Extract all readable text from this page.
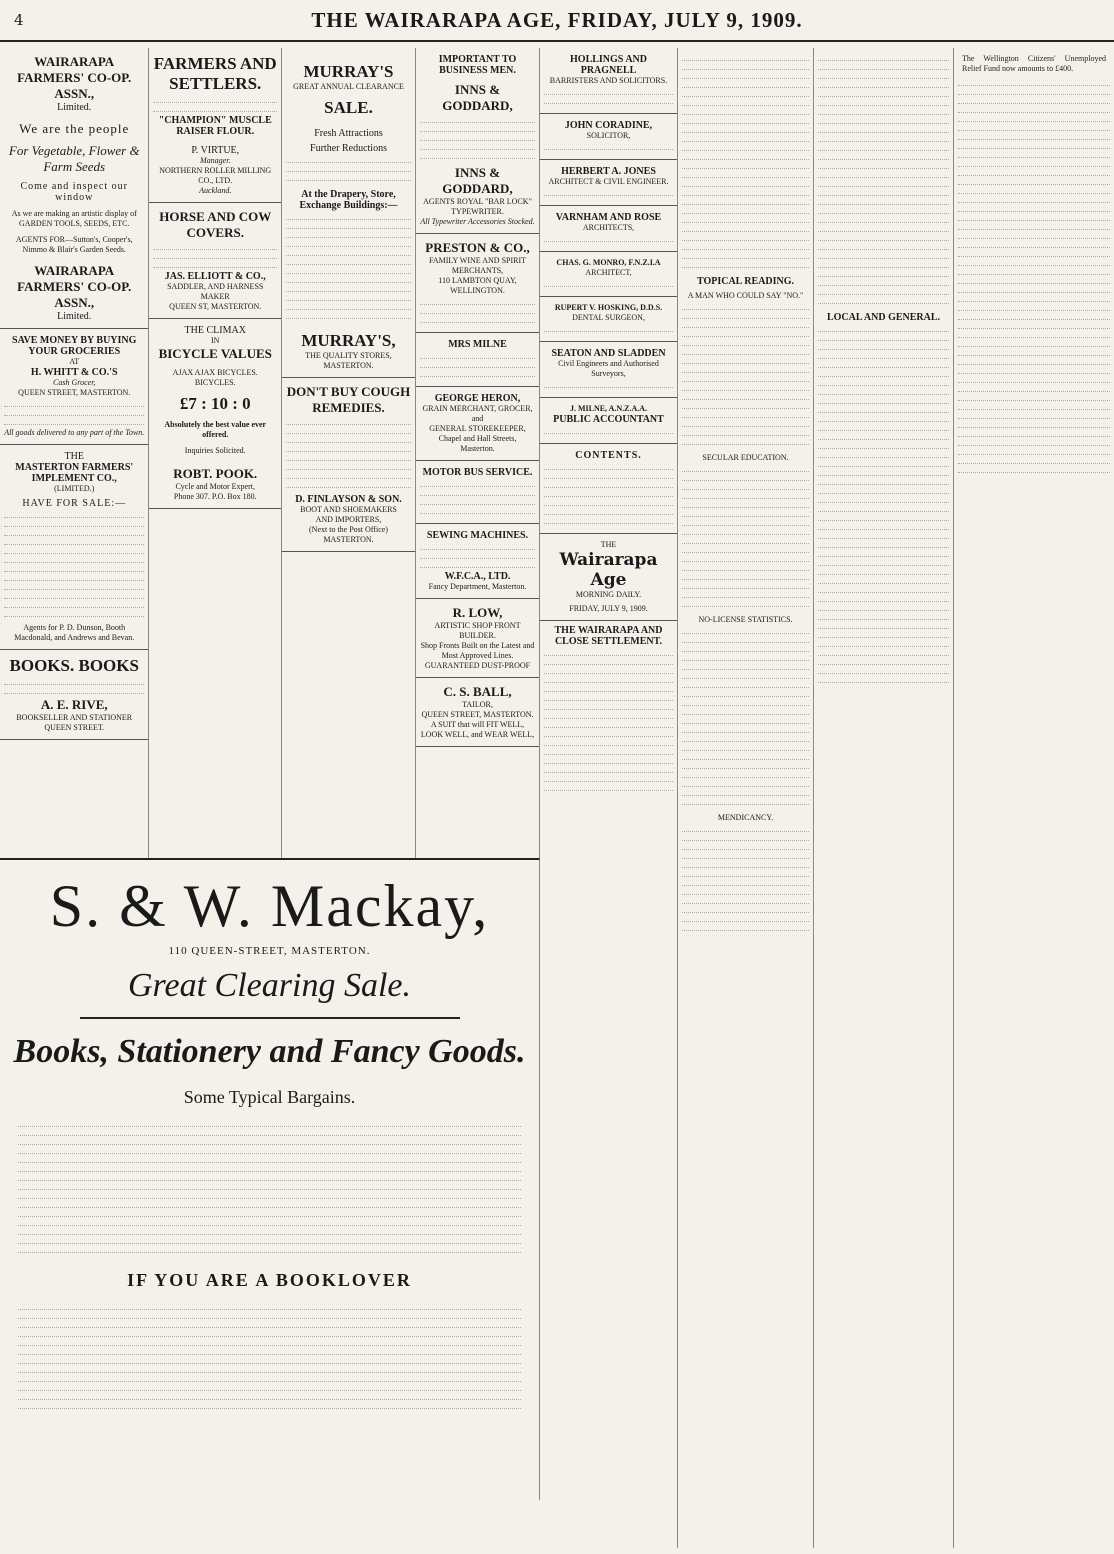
4	THE WAIRARAPA AGE, FRIDAY, JULY 9, 1909.
WAIRARAPA FARMERS' CO-OP. ASSN.,
Limited.
We are the people
For Vegetable, Flower & Farm Seeds
Come and inspect our window
As we are making an artistic display of GARDEN TOOLS, SEEDS, ETC.
AGENTS FOR—Sutton's, Cooper's, Nimmo & Blair's Garden Seeds.
WAIRARAPA FARMERS' CO-OP. ASSN.,
Limited.
SAVE MONEY BY BUYING YOUR GROCERIES
AT
H. WHITT & CO.'S
Cash Grocer,
QUEEN STREET, MASTERTON.
All goods delivered to any part of the Town.
THE
MASTERTON FARMERS' IMPLEMENT CO.,
(LIMITED.)
HAVE FOR SALE:—
Agents for P. D. Dunson, Booth Macdonald, and Andrews and Bevan.
BOOKS. BOOKS
A. E. RIVE,
BOOKSELLER AND STATIONER
QUEEN STREET.
FARMERS AND SETTLERS.
"CHAMPION" MUSCLE RAISER FLOUR.
P. VIRTUE,
Manager.
NORTHERN ROLLER MILLING CO., LTD.
Auckland.
HORSE AND COW COVERS.
JAS. ELLIOTT & CO.,
SADDLER, AND HARNESS MAKER
QUEEN ST, MASTERTON.
THE CLIMAX
IN
BICYCLE VALUES
AJAX AJAX BICYCLES. BICYCLES.
£7 : 10 : 0
Absolutely the best value ever offered.
Inquiries Solicited.
ROBT. POOK.
Cycle and Motor Expert,
Phone 307. P.O. Box 180.
MURRAY'S
GREAT ANNUAL CLEARANCE
SALE.
Fresh Attractions
Further Reductions
At the Drapery, Store, Exchange Buildings:—
MURRAY'S,
THE QUALITY STORES,
MASTERTON.
DON'T BUY COUGH REMEDIES.
D. FINLAYSON & SON.
BOOT AND SHOEMAKERS
AND IMPORTERS,
(Next to the Post Office)
MASTERTON.
IMPORTANT TO BUSINESS MEN.
INNS & GODDARD,
INNS & GODDARD,
AGENTS ROYAL "BAR LOCK" TYPEWRITER.
All Typewriter Accessories Stocked.
PRESTON & CO.,
FAMILY WINE AND SPIRIT MERCHANTS,
110 LAMBTON QUAY, WELLINGTON.
MRS MILNE
GEORGE HERON,
GRAIN MERCHANT, GROCER,
and
GENERAL STOREKEEPER,
Chapel and Hall Streets,
Masterton.
MOTOR BUS SERVICE.
SEWING MACHINES.
W.F.C.A., LTD.
Fancy Department, Masterton.
R. LOW,
ARTISTIC SHOP FRONT BUILDER.
Shop Fronts Built on the Latest and Most Approved Lines.
GUARANTEED DUST-PROOF
C. S. BALL,
TAILOR,
QUEEN STREET, MASTERTON.
A SUIT that will FIT WELL, LOOK WELL, and WEAR WELL,
HOLLINGS AND PRAGNELL
BARRISTERS AND SOLICITORS.
JOHN CORADINE,
SOLICITOR,
HERBERT A. JONES
ARCHITECT & CIVIL ENGINEER.
VARNHAM AND ROSE
ARCHITECTS,
CHAS. G. MONRO, F.N.Z.I.A
ARCHITECT,
RUPERT V. HOSKING, D.D.S.
DENTAL SURGEON,
SEATON AND SLADDEN
Civil Engineers and Authorised Surveyors,
J. MILNE, A.N.Z.A.A.
PUBLIC ACCOUNTANT
CONTENTS.
THE
Wairarapa Age
MORNING DAILY.
FRIDAY, JULY 9, 1909.
THE WAIRARAPA AND CLOSE SETTLEMENT.
TOPICAL READING.
A MAN WHO COULD SAY "NO."
SECULAR EDUCATION.
NO-LICENSE STATISTICS.
MENDICANCY.
LOCAL AND GENERAL.
The Wellington Citizens' Unemployed Relief Fund now amounts to £400.
S. & W. Mackay,
110 QUEEN-STREET, MASTERTON.
Great Clearing Sale.
Books, Stationery and Fancy Goods.
Some Typical Bargains.
IF YOU ARE A BOOKLOVER
